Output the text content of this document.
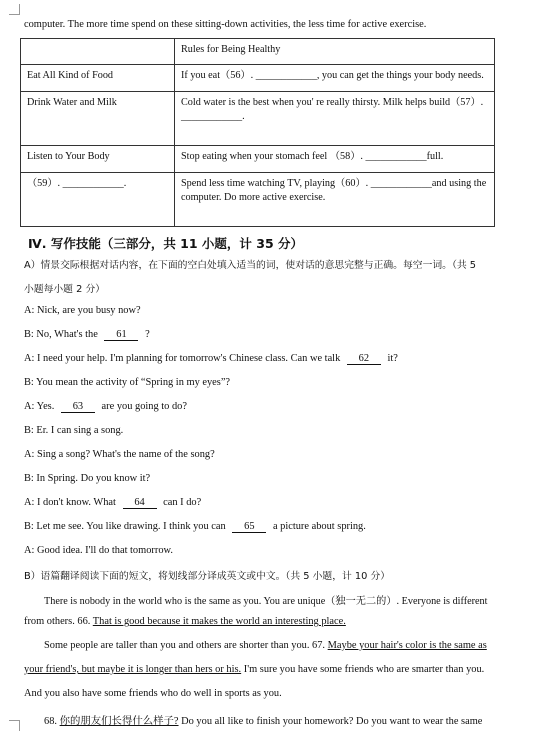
computer. The more time spend on these sitting-down activities, the less time for active exercise.
	Rules for Being Healthy
Eat All Kind of Food	If you eat（56）. ____________, you can get the things your body needs.
Drink Water and Milk	Cold water is the best when you' re really thirsty. Milk helps build（57）. ____________.
Listen to Your Body	Stop eating when your stomach feel （58）. ____________full.
（59）. ____________.	Spend less time watching TV, playing（60）. ____________and using the computer. Do more active exercise.
Ⅳ. 写作技能（三部分，共 11 小题，计 35 分）
A）情景交际根据对话内容，在下面的空白处填入适当的词，使对话的意思完整与正确。每空一词。（共 5
小题每小题 2 分）
A: Nick, are you busy now?
B: No, What's the 61 ?
A: I need your help. I'm planning for tomorrow's Chinese class. Can we talk 62 it?
B: You mean the activity of “Spring in my eyes”?
A: Yes. 63 are you going to do?
B: Er. I can sing a song.
A: Sing a song? What's the name of the song?
B: In Spring. Do you know it?
A: I don't know. What 64 can I do?
B: Let me see. You like drawing. I think you can 65 a picture about spring.
A: Good idea. I'll do that tomorrow.
B）语篇翻译阅读下面的短文，将划线部分译成英文或中文。（共 5 小题，计 10 分）
There is nobody in the world who is the same as you. You are unique（独一无二的）. Everyone is different
from others. 66. That is good because it makes the world an interesting place.
Some people are taller than you and others are shorter than you. 67. Maybe your hair's color is the same as
your friend's, but maybe it is longer than hers or his. I'm sure you have some friends who are smarter than you.
And you also have some friends who do well in sports as you.
68. 你的朋友们长得什么样子? Do you all like to finish your homework? Do you want to wear the same
